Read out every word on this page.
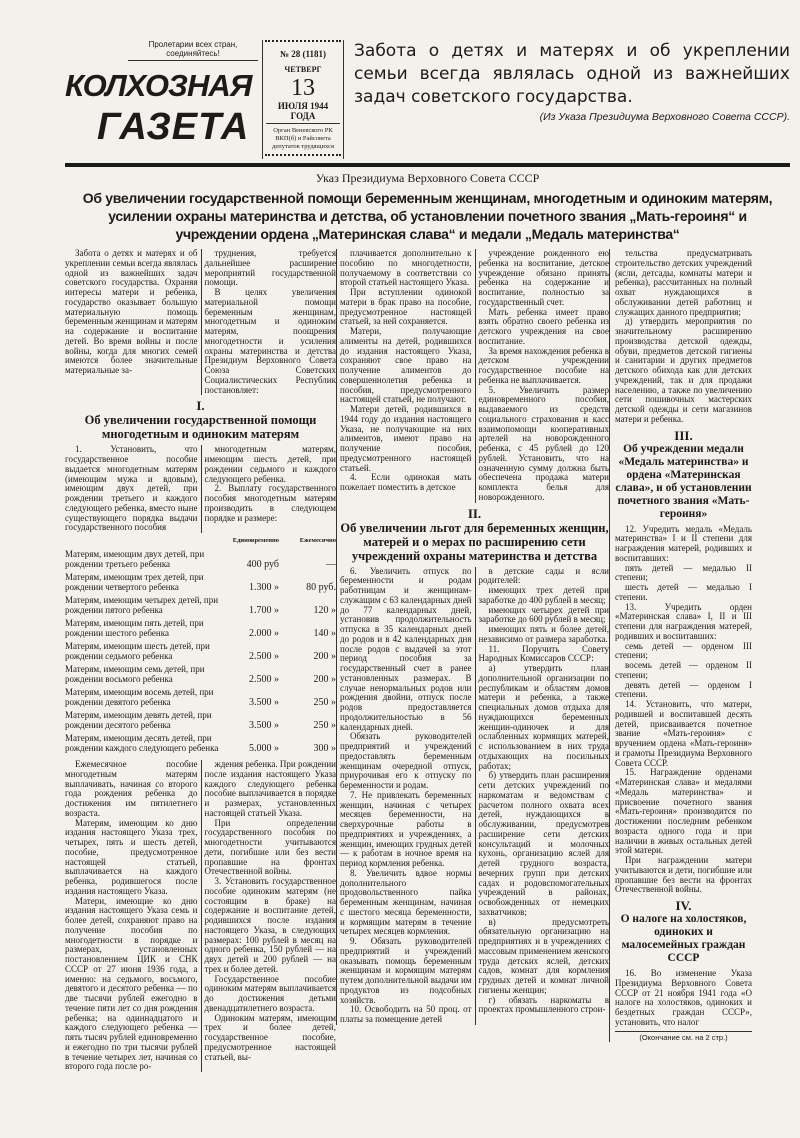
Пролетарии всех стран, соединяйтесь!
КОЛХОЗНАЯ
ГАЗЕТА
№ 28 (1181)
ЧЕТВЕРГ
13
ИЮЛЯ 1944 ГОДА
Орган Веневского РК ВКП(б) и Райсовета депутатов трудящихся
Забота о детях и матерях и об укреплении семьи всегда являлась одной из важнейших задач советского государства.
(Из Указа Президиума Верховного Совета СССР).
Указ Президиума Верховного Совета СССР
Об увеличении государственной помощи беременным женщинам, многодетным и одиноким матерям,
усилении охраны материнства и детства, об установлении почетного звания „Мать-героиня“ и
учреждении ордена „Материнская слава“ и медали „Медаль материнства“

Забота о детях и матерях и об укреплении семьи всегда являлась одной из важнейших задач советского государства. Охраняя интересы матери и ребенка, государство оказывает большую материальную помощь беременным женщинам и матерям на содержание и воспитание детей. Во время войны и после войны, когда для многих семей имеются более значительные материальные за-

труднения, требуется дальнейшее расширение мероприятий государственной помощи.

В целях увеличения материальной помощи беременным женщинам, многодетным и одиноким матерям, поощрения многодетности и усиления охраны материнства и детства Президиум Верховного Совета Союза Советских Социалистических Республик постановляет:

I.
Об увеличении государственной помощи многодетным и одиноким матерям

1. Установить, что государственное пособие выдается многодетным матерям (имеющим мужа и вдовым), имеющим двух детей, при рождении третьего и каждого следующего ребенка, вместо ныне существующего порядка выдачи государственного пособия

многодетным матерям, имеющим шесть детей, при рождении седьмого и каждого следующего ребенка.

2. Выплату государственного пособия многодетным матерям производить в следующем порядке и размере:

Единовременно	Ежемесячно
Матерям, имеющим двух детей, при рождении третьего ребенка	400 руб	—
Матерям, имеющим трех детей, при рождении четвертого ребенка	1.300 »	80 руб.
Матерям, имеющим четырех детей, при рождении пятого ребенка	1.700 »	120 »
Матерям, имеющим пять детей, при рождении шестого ребенка	2.000 »	140 »
Матерям, имеющим шесть детей, при рождении седьмого ребенка	2.500 »	200 »
Матерям, имеющим семь детей, при рождении восьмого ребенка	2.500 »	200 »
Матерям, имеющим восемь детей, при рождении девятого ребенка	3.500 »	250 »
Матерям, имеющим девять детей, при рождении десятого ребенка	3.500 »	250 »
Матерям, имеющим десять детей, при рождении каждого следующего ребенка	5.000 »	300 »

Ежемесячное пособие многодетным матерям выплачивать, начиная со второго года рождения ребенка до достижения им пятилетнего возраста.

Матерям, имеющим ко дню издания настоящего Указа трех, четырех, пять и шесть детей, пособие, предусмотренное настоящей статьей, выплачивается на каждого ребенка, родившегося после издания настоящего Указа.

Матери, имеющие ко дню издания настоящего Указа семь и более детей, сохраняют право на получение пособия по многодетности в порядке и размерах, установленных постановлением ЦИК и СНК СССР от 27 июня 1936 года, а именно: на седьмого, восьмого, девятого и десятого ребенка — по две тысячи рублей ежегодно в течение пяти лет со дня рождения ребенка; на одиннадцатого и каждого следующего ребенка — пять тысяч рублей единовременно и ежегодно по три тысячи рублей в течение четырех лет, начиная со второго года после ро-

ждения ребенка. При рождении после издания настоящего Указа каждого следующего ребенка пособие выплачивается в порядке и размерах, установленных настоящей статьей Указа.

При определении государственного пособия по многодетности учитываются дети, погибшие или без вести пропавшие на фронтах Отечественной войны.

3. Установить государственное пособие одиноким матерям (не состоящим в браке) на содержание и воспитание детей, родившихся после издания настоящего Указа, в следующих размерах: 100 рублей в месяц на одного ребенка, 150 рублей — на двух детей и 200 рублей — на трех и более детей.

Государственное пособие одиноким матерям выплачивается до достижения детьми двенадцатилетнего возраста.

Одиноким матерям, имеющим трех и более детей, государственное пособие, предусмотренное настоящей статьей, вы-

плачивается дополнительно к пособию по многодетности, получаемому в соответствии со второй статьей настоящего Указа.

При вступлении одинокой матери в брак право на пособие, предусмотренное настоящей статьей, за ней сохраняется.

Матери, получающие алименты на детей, родившихся до издания настоящего Указа, сохраняют свое право на получение алиментов до совершеннолетия ребенка и пособия, предусмотренного настоящей статьей, не получают.

Матери детей, родившихся в 1944 году до издания настоящего Указа, не получающие на них алиментов, имеют право на получение пособия, предусмотренного настоящей статьей.

4. Если одинокая мать пожелает поместить в детское

учреждение рожденного ею ребенка на воспитание, детское учреждение обязано принять ребенка на содержание и воспитание, полностью за государственный счет.

Мать ребенка имеет право взять обратно своего ребенка из детского учреждения на свое воспитание.

За время нахождения ребенка в детском учреждении государственное пособие на ребенка не выплачивается.

5. Увеличить размер единовременного пособия, выдаваемого из средств социального страхования и касс взаимопомощи кооперативных артелей на новорожденного ребенка, с 45 рублей до 120 рублей. Установить, что на означенную сумму должна быть обеспечена продажа матери комплекта белья для новорожденного.

II.
Об увеличении льгот для беременных женщин, матерей и о мерах по расширению сети учреждений охраны материнства и детства

6. Увеличить отпуск по беременности и родам работницам и женщинам-служащим с 63 календарных дней до 77 календарных дней, установив продолжительность отпуска в 35 календарных дней до родов и в 42 календарных дня после родов с выдачей за этот период пособия за государственный счет в ранее установленных размерах. В случае ненормальных родов или рождения двойни, отпуск после родов предоставляется продолжительностью в 56 календарных дней.

Обязать руководителей предприятий и учреждений предоставлять беременным женщинам очередной отпуск, приурочивая его к отпуску по беременности и родам.

7. Не привлекать беременных женщин, начиная с четырех месяцев беременности, на сверхурочные работы в предприятиях и учреждениях, а женщин, имеющих грудных детей — к работам в ночное время на период кормления ребенка.

8. Увеличить вдвое нормы дополнительного продовольственного пайка беременным женщинам, начиная с шестого месяца беременности, и кормящим матерям в течение четырех месяцев кормления.

9. Обязать руководителей предприятий и учреждений оказывать помощь беременным женщинам и кормящим матерям путем дополнительной выдачи им продуктов из подсобных хозяйств.

10. Освободить на 50 проц. от платы за помещение детей

в детские сады и ясли родителей:

имеющих трех детей при заработке до 400 рублей в месяц;

имеющих четырех детей при заработке до 600 рублей в месяц;

имеющих пять и более детей, независимо от размера заработка.

11. Поручить Совету Народных Комиссаров СССР:

а) утвердить план дополнительной организации по республикам и областям домов матери и ребенка, а также специальных домов отдыха для нуждающихся беременных женщин-одиночек и для ослабленных кормящих матерей, с использованием в них труда отдыхающих на посильных работах;

б) утвердить план расширения сети детских учреждений по наркоматам и ведомствам с расчетом полного охвата всех детей, нуждающихся в обслуживании, предусмотрев расширение сети детских консультаций и молочных кухонь, организацию яслей для детей грудного возраста, вечерних групп при детских садах и родовспомогательных учреждений в районах, освобожденных от немецких захватчиков;

в) предусмотреть обязательную организацию на предприятиях и в учреждениях с массовым применением женского труда детских яслей, детских садов, комнат для кормления грудных детей и комнат личной гигиены женщин;

г) обязать наркоматы в проектах промышленного строи-

тельства предусматривать строительство детских учреждений (ясли, детсады, комнаты матери и ребенка), рассчитанных на полный охват нуждающихся в обслуживании детей работниц и служащих данного предприятия;

д) утвердить мероприятия по значительному расширению производства детской одежды, обуви, предметов детской гигиены и санитарии и других предметов детского обихода как для детских учреждений, так и для продажи населению, а также по увеличению сети пошивочных мастерских детской одежды и сети магазинов матери и ребенка.

III.
Об учреждении медали «Медаль материнства» и ордена «Материнская слава», и об установлении почетного звания «Мать-героиня»

12. Учредить медаль «Медаль материнства» I и II степени для награждения матерей, родивших и воспитавших:

пять детей — медалью II степени;

шесть детей — медалью I степени.

13. Учредить орден «Материнская слава» I, II и III степени для награждения матерей, родивших и воспитавших:

семь детей — орденом III степени;

восемь детей — орденом II степени;

девять детей — орденом I степени.

14. Установить, что матери, родившей и воспитавшей десять детей, присваивается почетное звание «Мать-героиня» с вручением ордена «Мать-героиня» и грамоты Президиума Верховного Совета СССР.

15. Награждение орденами «Материнская слава» и медалями «Медаль материнства» и присвоение почетного звания «Мать-героиня» производится по достижении последним ребенком возраста одного года и при наличии в живых остальных детей этой матери.

При награждении матери учитываются и дети, погибшие или пропавшие без вести на фронтах Отечественной войны.

IV.
О налоге на холостяков, одиноких и малосемейных граждан СССР

16. Во изменение Указа Президиума Верховного Совета СССР от 21 ноября 1941 года «О налоге на холостяков, одиноких и бездетных граждан СССР», установить, что налог

(Окончание см. на 2 стр.)
